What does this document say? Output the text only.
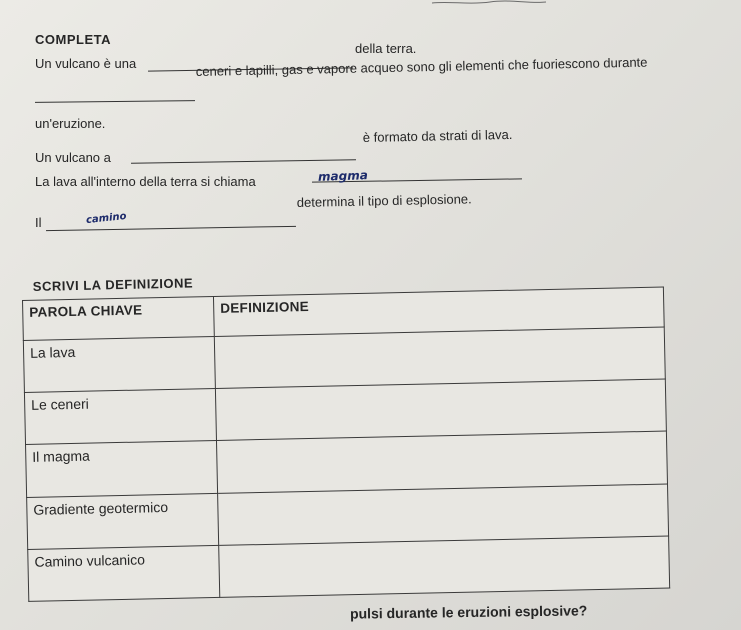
COMPLETA
Un vulcano è una
della terra.
ceneri e lapilli, gas e vapore acqueo sono gli elementi che fuoriescono durante
un'eruzione.
Un vulcano a
è formato da strati di lava.
La lava all'interno della terra si chiama	magma
Il	camino
determina il tipo di esplosione.
SCRIVI LA DEFINIZIONE
PAROLA CHIAVE	DEFINIZIONE
La lava	
Le ceneri	
Il magma	
Gradiente geotermico	
Camino vulcanico	
pulsi durante le eruzioni esplosive?
